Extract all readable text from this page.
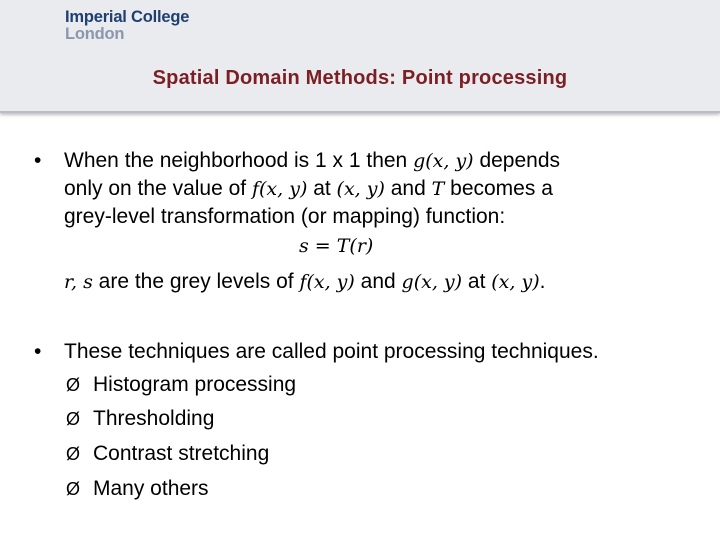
Imperial College
London
Spatial Domain Methods: Point processing
• When the neighborhood is 1 x 1 then g(x, y) depends
only on the value of f(x, y) at (x, y) and T becomes a
grey-level transformation (or mapping) function:
s = T(r)
r, s are the grey levels of f(x, y) and g(x, y) at (x, y).
• These techniques are called point processing techniques.
Ø Histogram processing
Ø Thresholding
Ø Contrast stretching
Ø Many others
